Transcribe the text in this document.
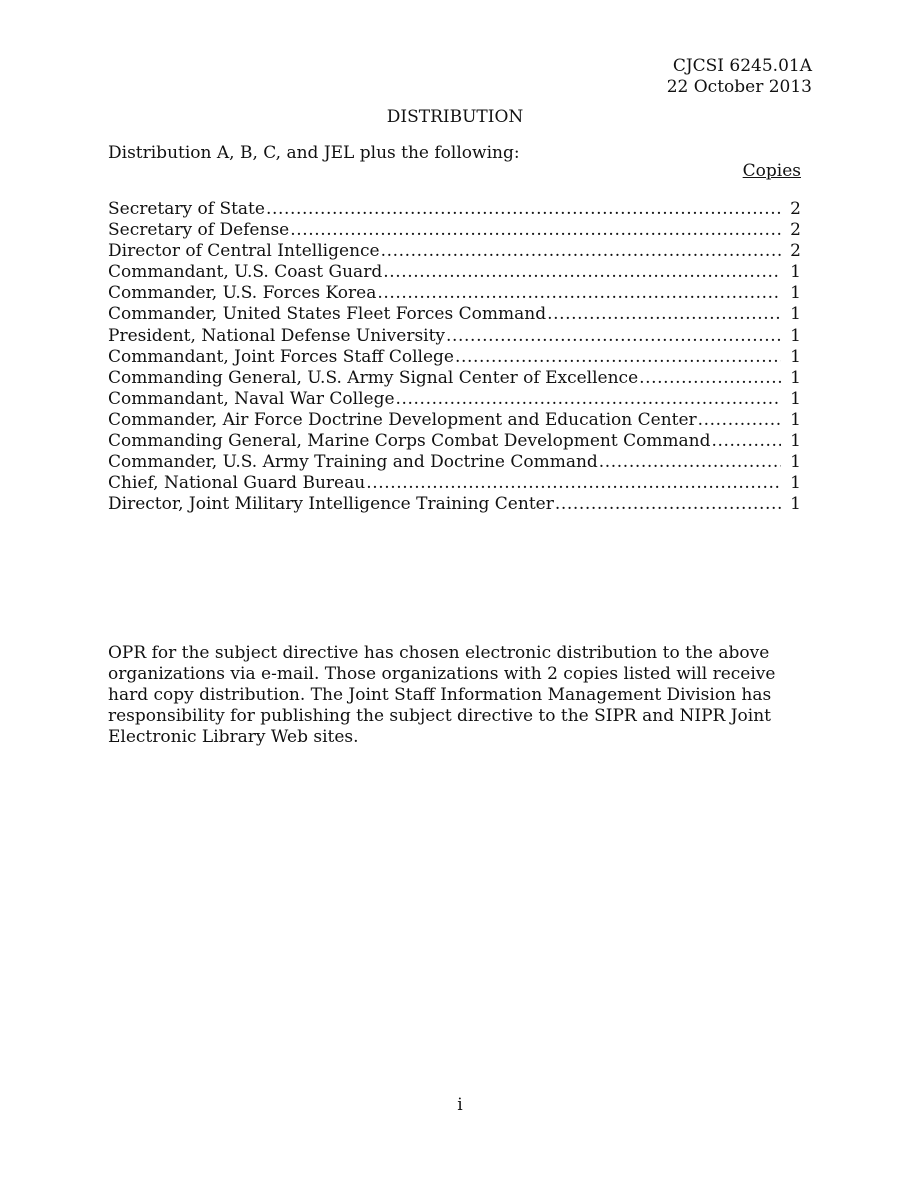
CJCSI 6245.01A
22 October 2013
DISTRIBUTION
Distribution A, B, C, and JEL plus the following:
Copies
Secretary of State .....	2
Secretary of Defense .....	2
Director of Central Intelligence .....	2
Commandant, U.S. Coast Guard .....	1
Commander, U.S. Forces Korea .....	1
Commander, United States Fleet Forces Command .....	1
President, National Defense University .....	1
Commandant, Joint Forces Staff College .....	1
Commanding General, U.S. Army Signal Center of Excellence .....	1
Commandant, Naval War College .....	1
Commander, Air Force Doctrine Development and Education Center .....	1
Commanding General, Marine Corps Combat Development Command .....	1
Commander, U.S. Army Training and Doctrine Command .....	1
Chief, National Guard Bureau .....	1
Director, Joint Military Intelligence Training Center .....	1

OPR for the subject directive has chosen electronic distribution to the above organizations via e-mail. Those organizations with 2 copies listed will receive hard copy distribution. The Joint Staff Information Management Division has responsibility for publishing the subject directive to the SIPR and NIPR Joint Electronic Library Web sites.

i
